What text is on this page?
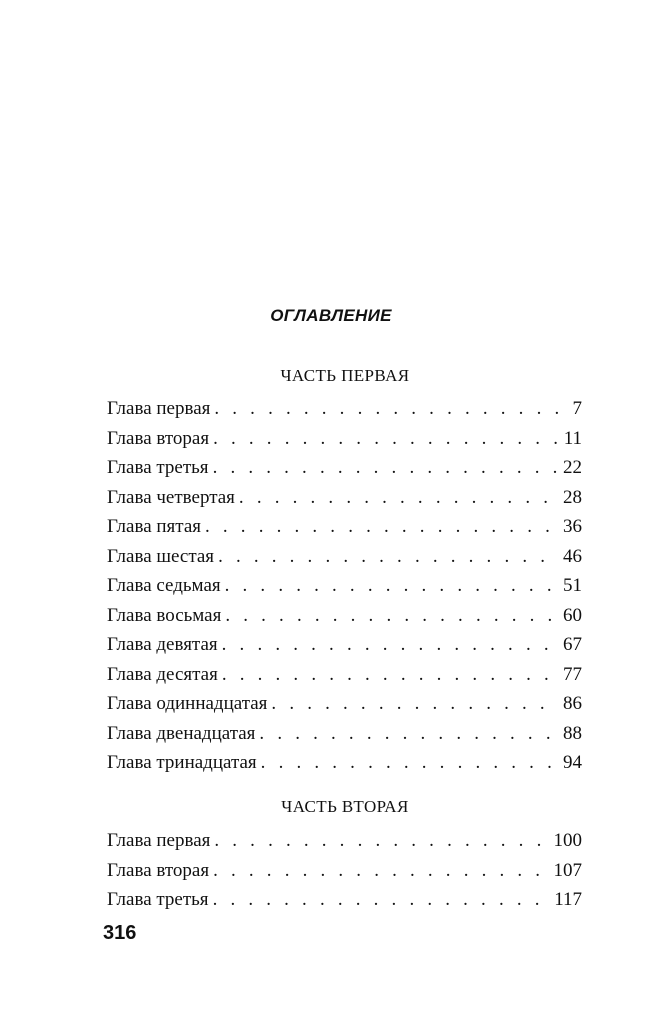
ОГЛАВЛЕНИЕ
ЧАСТЬ ПЕРВАЯ
Глава первая . . .	7
Глава вторая . . .	11
Глава третья . . .	22
Глава четвертая . . .	28
Глава пятая . . .	36
Глава шестая . . .	46
Глава седьмая . . .	51
Глава восьмая . . .	60
Глава девятая . . .	67
Глава десятая . . .	77
Глава одиннадцатая . . .	86
Глава двенадцатая . . .	88
Глава тринадцатая . . .	94
ЧАСТЬ ВТОРАЯ
Глава первая . . .	100
Глава вторая . . .	107
Глава третья . . .	117
316
